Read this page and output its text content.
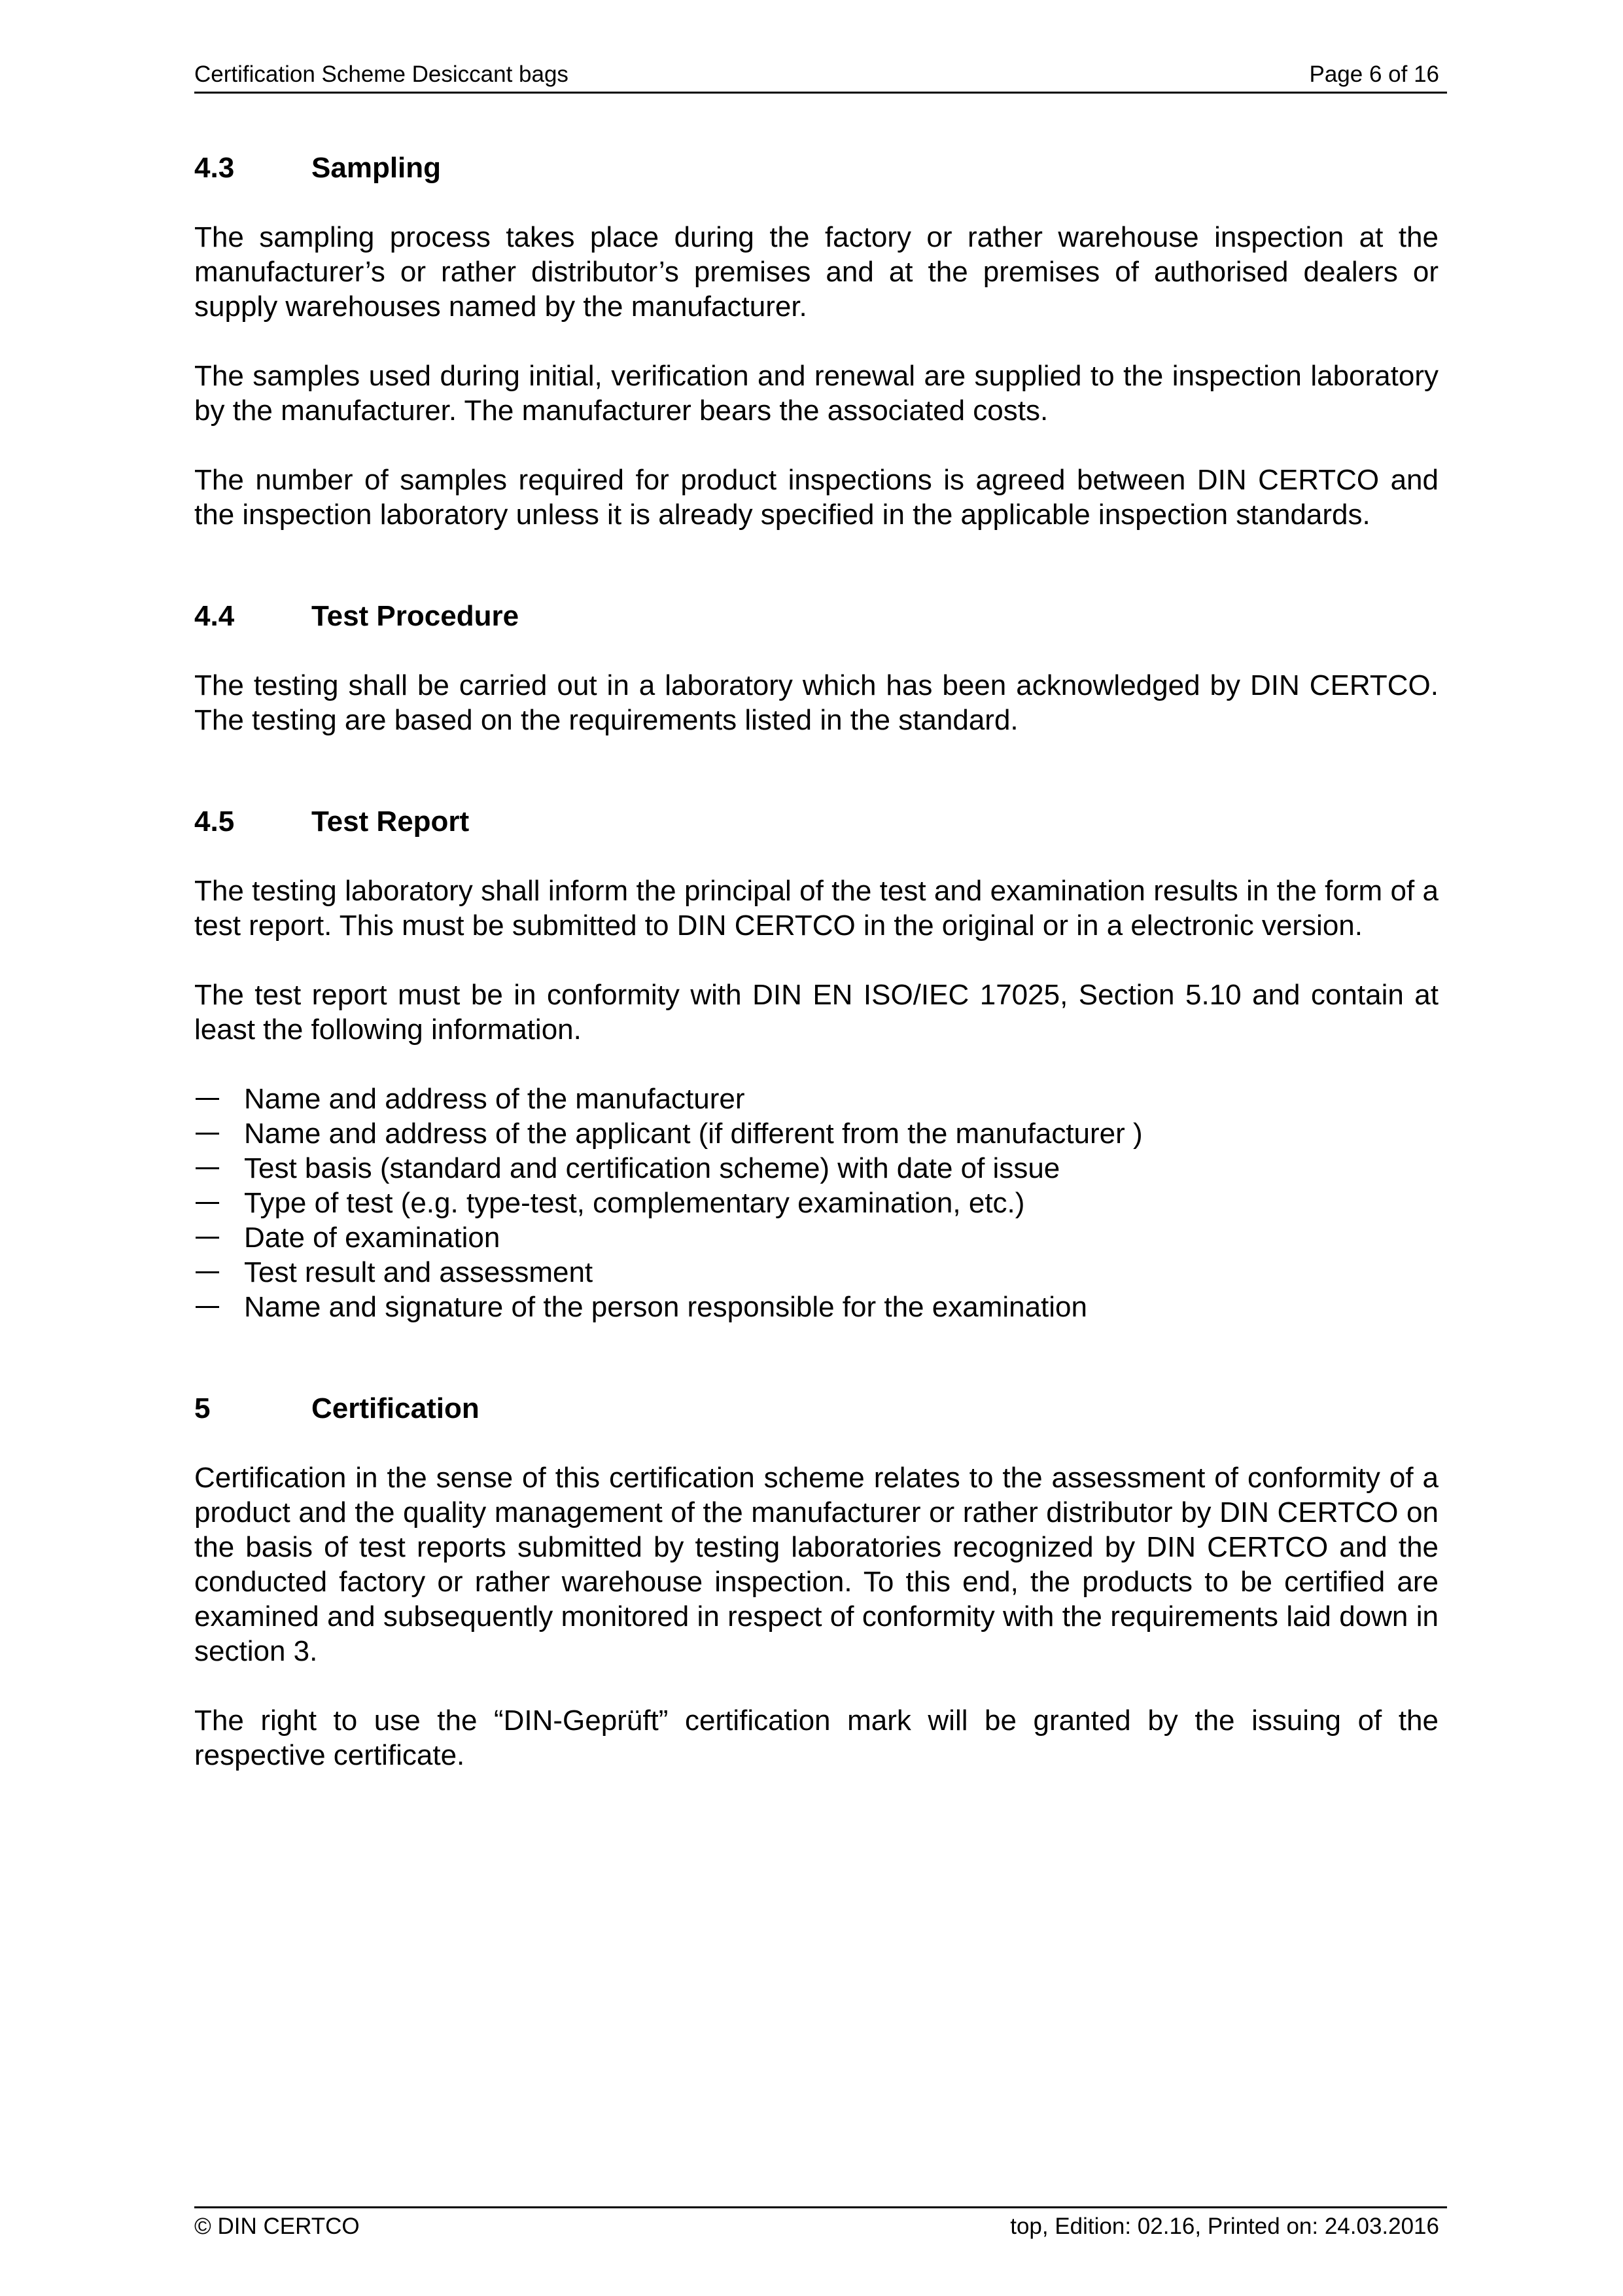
Certification Scheme Desiccant bags	Page 6 of 16
4.3	Sampling

The sampling process takes place during the factory or rather warehouse inspection at the manufacturer’s or rather distributor’s premises and at the premises of authorised dealers or supply warehouses named by the manufacturer.

The samples used during initial, verification and renewal are supplied to the inspection laboratory by the manufacturer. The manufacturer bears the associated costs.

The number of samples required for product inspections is agreed between DIN CERTCO and the inspection laboratory unless it is already specified in the applicable inspection standards.

4.4	Test Procedure

The testing shall be carried out in a laboratory which has been acknowledged by DIN CERTCO. The testing are based on the requirements listed in the standard.

4.5	Test Report

The testing laboratory shall inform the principal of the test and examination results in the form of a test report. This must be submitted to DIN CERTCO in the original or in a electronic version.

The test report must be in conformity with DIN EN ISO/IEC 17025, Section 5.10 and contain at least the following information.

Name and address of the manufacturer
Name and address of the applicant (if different from the manufacturer )
Test basis (standard and certification scheme) with date of issue
Type of test (e.g. type-test, complementary examination, etc.)
Date of examination
Test result and assessment
Name and signature of the person responsible for the examination
5	Certification

Certification in the sense of this certification scheme relates to the assessment of conformity of a product and the quality management of the manufacturer or rather distributor by DIN CERTCO on the basis of test reports submitted by testing laboratories recognized by DIN CERTCO and the conducted factory or rather warehouse inspection. To this end, the products to be certified are examined and subsequently monitored in respect of conformity with the requirements laid down in section 3.

The right to use the “DIN-Geprüft” certification mark will be granted by the issuing of the respective certificate.

© DIN CERTCO	top, Edition: 02.16, Printed on: 24.03.2016
